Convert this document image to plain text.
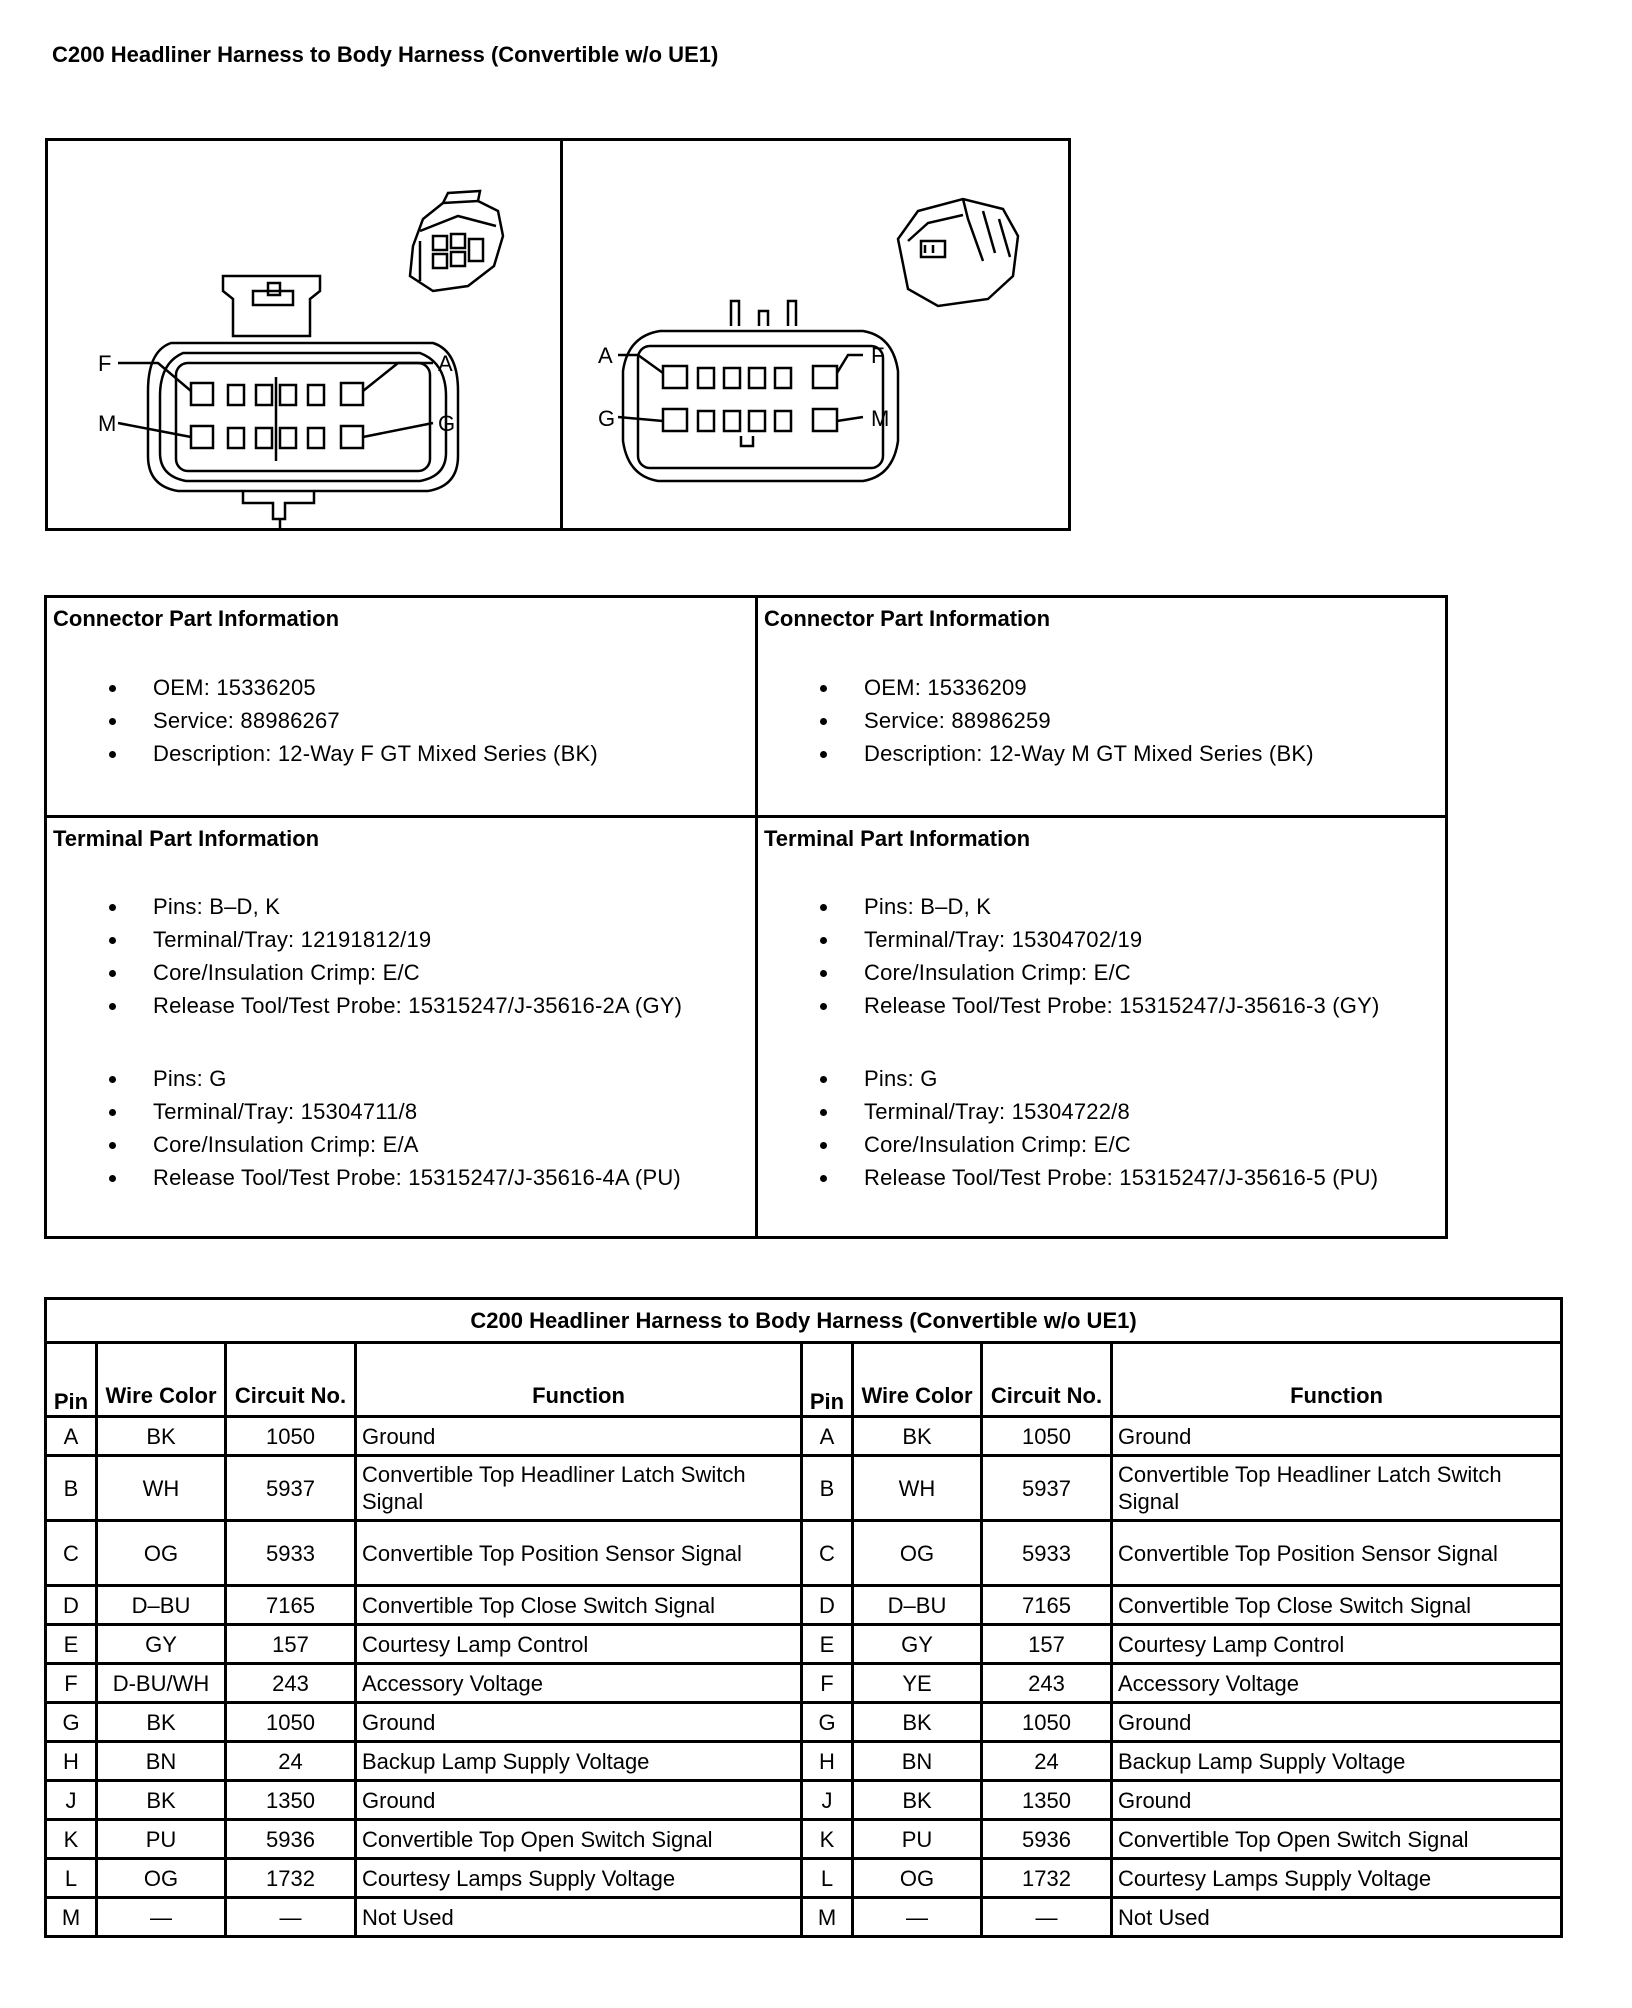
C200 Headliner Harness to Body Harness (Convertible w/o UE1)
F
M
A
G
A
G
F
M
Connector Part Information
OEM: 15336205
Service: 88986267
Description: 12-Way F GT Mixed Series (BK)
Connector Part Information
OEM: 15336209
Service: 88986259
Description: 12-Way M GT Mixed Series (BK)
Terminal Part Information
Pins: B–D, K
Terminal/Tray: 12191812/19
Core/Insulation Crimp: E/C
Release Tool/Test Probe: 15315247/J-35616-2A (GY)
Pins: G
Terminal/Tray: 15304711/8
Core/Insulation Crimp: E/A
Release Tool/Test Probe: 15315247/J-35616-4A (PU)
Terminal Part Information
Pins: B–D, K
Terminal/Tray: 15304702/19
Core/Insulation Crimp: E/C
Release Tool/Test Probe: 15315247/J-35616-3 (GY)
Pins: G
Terminal/Tray: 15304722/8
Core/Insulation Crimp: E/C
Release Tool/Test Probe: 15315247/J-35616-5 (PU)
C200 Headliner Harness to Body Harness (Convertible w/o UE1)							
Pin	Wire Color	Circuit No.	Function	Pin	Wire Color	Circuit No.	Function
A	BK	1050	Ground	A	BK	1050	Ground
B	WH	5937	Convertible Top Headliner Latch Switch Signal	B	WH	5937	Convertible Top Headliner Latch Switch Signal
C	OG	5933	Convertible Top Position Sensor Signal	C	OG	5933	Convertible Top Position Sensor Signal
D	D–BU	7165	Convertible Top Close Switch Signal	D	D–BU	7165	Convertible Top Close Switch Signal
E	GY	157	Courtesy Lamp Control	E	GY	157	Courtesy Lamp Control
F	D-BU/WH	243	Accessory Voltage	F	YE	243	Accessory Voltage
G	BK	1050	Ground	G	BK	1050	Ground
H	BN	24	Backup Lamp Supply Voltage	H	BN	24	Backup Lamp Supply Voltage
J	BK	1350	Ground	J	BK	1350	Ground
K	PU	5936	Convertible Top Open Switch Signal	K	PU	5936	Convertible Top Open Switch Signal
L	OG	1732	Courtesy Lamps Supply Voltage	L	OG	1732	Courtesy Lamps Supply Voltage
M	—	—	Not Used	M	—	—	Not Used
